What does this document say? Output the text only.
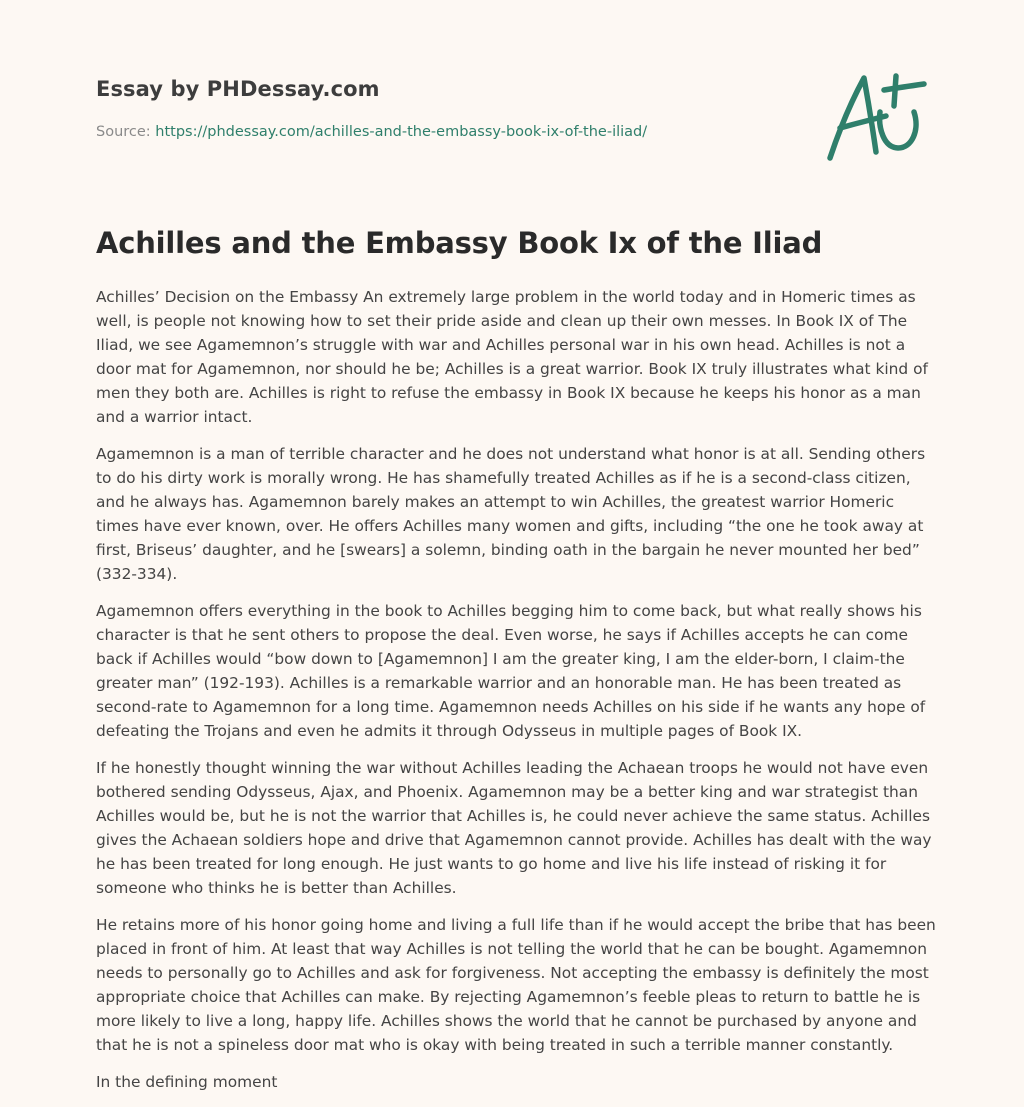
Essay by PHDessay.com
Source: https://phdessay.com/achilles-and-the-embassy-book-ix-of-the-iliad/
Achilles and the Embassy Book Ix of the Iliad

Achilles’ Decision on the Embassy An extremely large problem in the world today and in Homeric times as well, is people not knowing how to set their pride aside and clean up their own messes. In Book IX of The Iliad, we see Agamemnon’s struggle with war and Achilles personal war in his own head. Achilles is not a door mat for Agamemnon, nor should he be; Achilles is a great warrior. Book IX truly illustrates what kind of men they both are. Achilles is right to refuse the embassy in Book IX because he keeps his honor as a man and a warrior intact.

Agamemnon is a man of terrible character and he does not understand what honor is at all. Sending others to do his dirty work is morally wrong. He has shamefully treated Achilles as if he is a second-class citizen, and he always has. Agamemnon barely makes an attempt to win Achilles, the greatest warrior Homeric times have ever known, over. He offers Achilles many women and gifts, including “the one he took away at first, Briseus’ daughter, and he [swears] a solemn, binding oath in the bargain he never mounted her bed” (332-334).

Agamemnon offers everything in the book to Achilles begging him to come back, but what really shows his character is that he sent others to propose the deal. Even worse, he says if Achilles accepts he can come back if Achilles would “bow down to [Agamemnon] I am the greater king, I am the elder-born, I claim-the greater man” (192-193). Achilles is a remarkable warrior and an honorable man. He has been treated as second-rate to Agamemnon for a long time. Agamemnon needs Achilles on his side if he wants any hope of defeating the Trojans and even he admits it through Odysseus in multiple pages of Book IX.

If he honestly thought winning the war without Achilles leading the Achaean troops he would not have even bothered sending Odysseus, Ajax, and Phoenix. Agamemnon may be a better king and war strategist than Achilles would be, but he is not the warrior that Achilles is, he could never achieve the same status. Achilles gives the Achaean soldiers hope and drive that Agamemnon cannot provide. Achilles has dealt with the way he has been treated for long enough. He just wants to go home and live his life instead of risking it for someone who thinks he is better than Achilles.

He retains more of his honor going home and living a full life than if he would accept the bribe that has been placed in front of him. At least that way Achilles is not telling the world that he can be bought. Agamemnon needs to personally go to Achilles and ask for forgiveness. Not accepting the embassy is definitely the most appropriate choice that Achilles can make. By rejecting Agamemnon’s feeble pleas to return to battle he is more likely to live a long, happy life. Achilles shows the world that he cannot be purchased by anyone and that he is not a spineless door mat who is okay with being treated in such a terrible manner constantly.

In the defining moment
